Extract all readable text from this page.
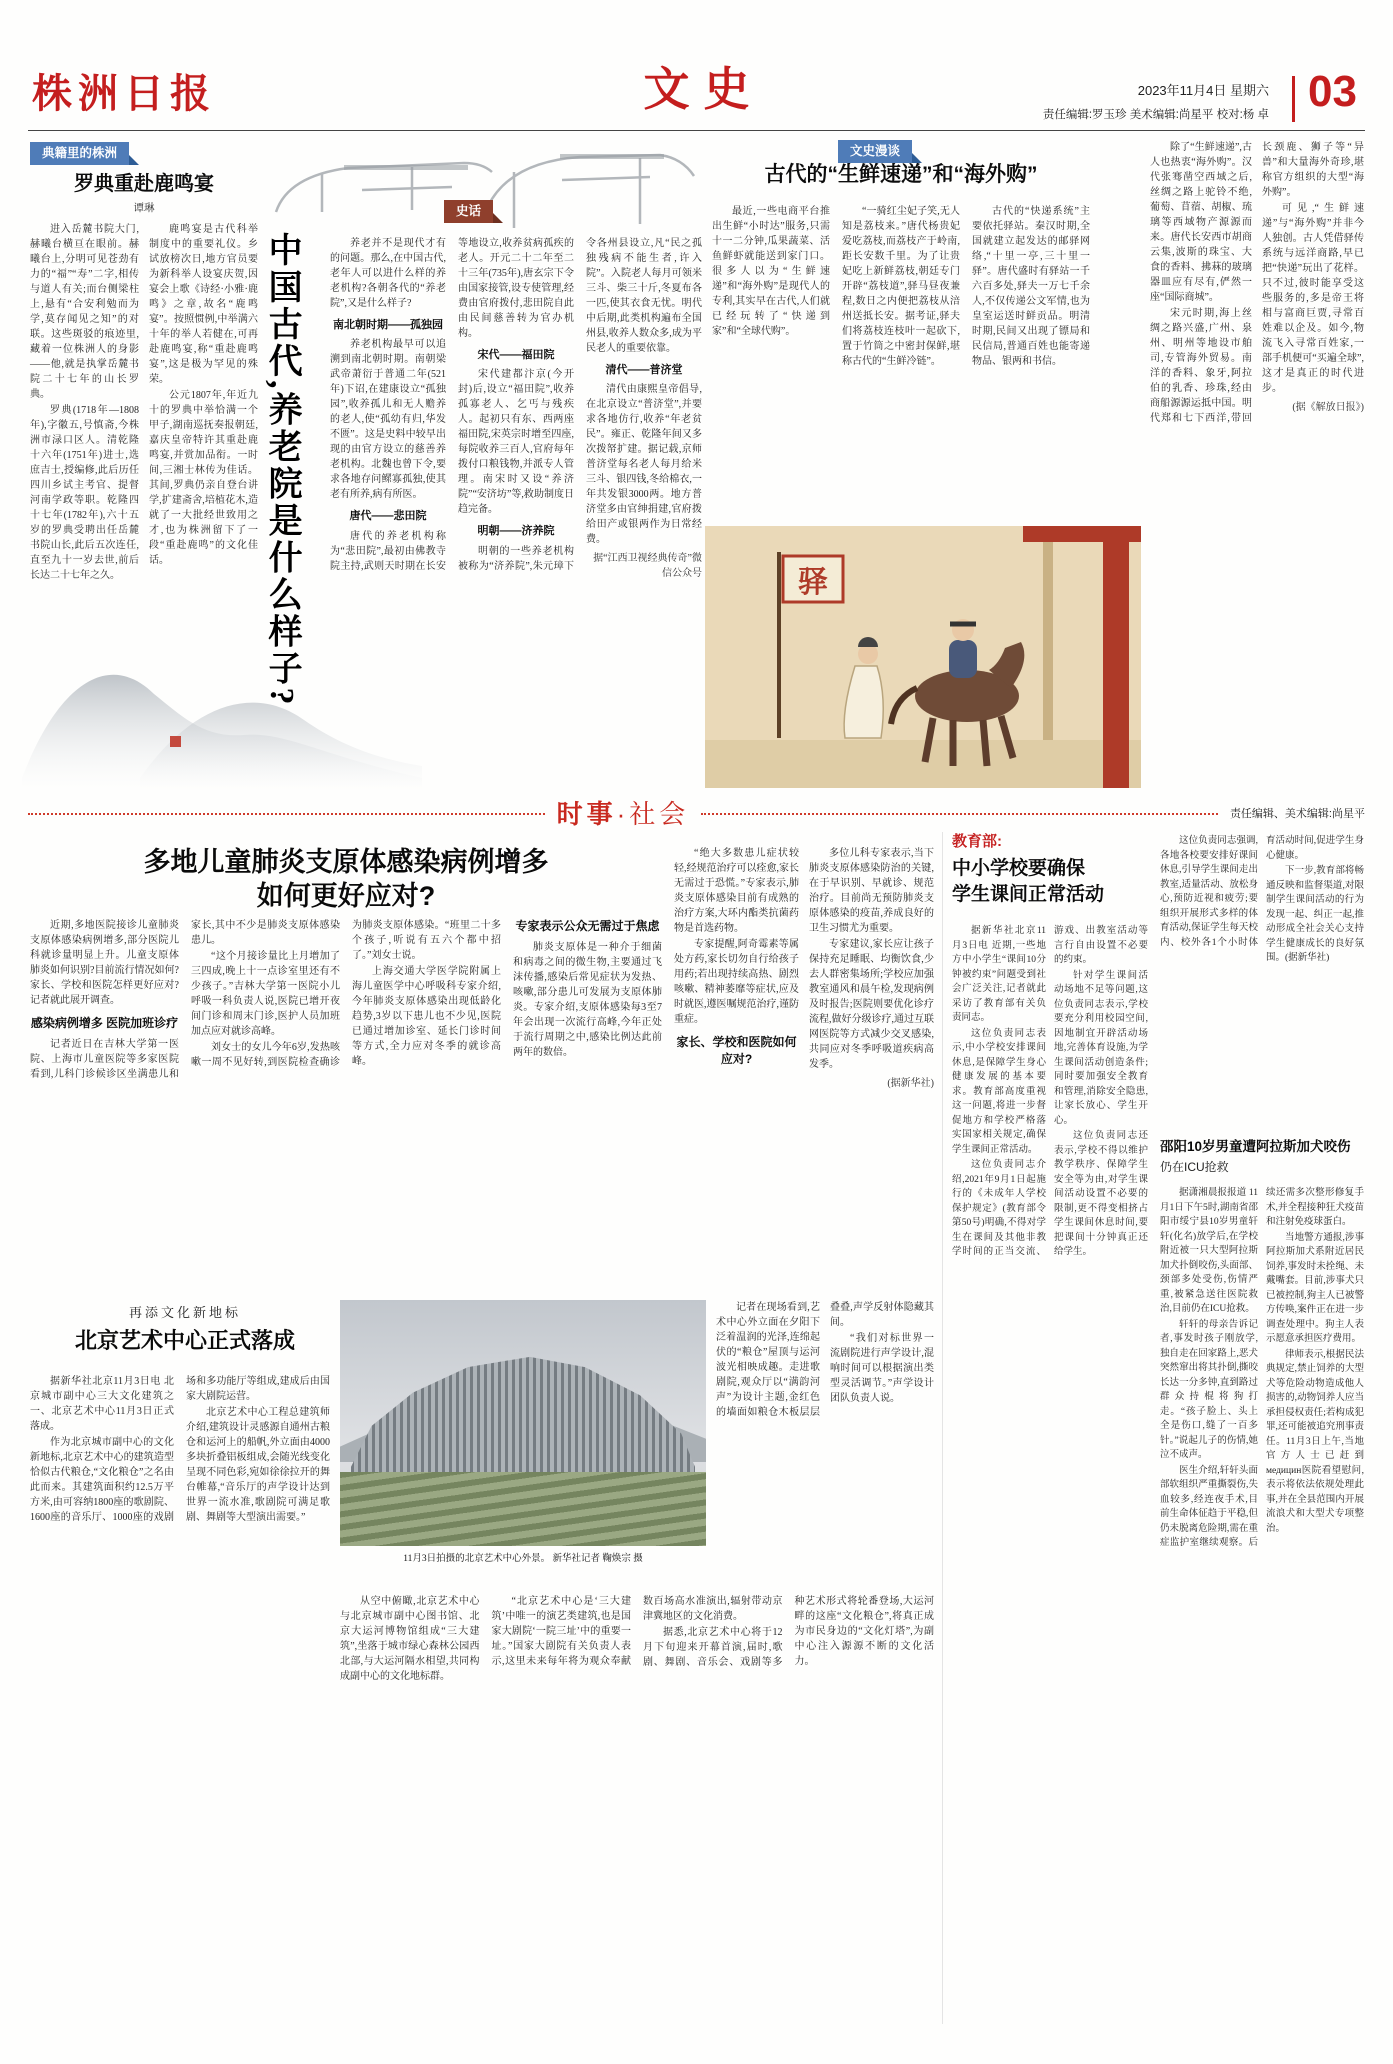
株洲日报	文史	2023年11月4日 星期六
责任编辑:罗玉珍 美术编辑:尚星平 校对:杨 卓 03
典籍里的株洲
罗典重赴鹿鸣宴
谭琳

进入岳麓书院大门,赫曦台横亘在眼前。赫曦台上,分明可见苍劲有力的“福”“寿”二字,相传与道人有关;而台侧梁柱上,悬有“合安利勉而为学,莫存闻见之知”的对联。这些斑驳的痕迹里,藏着一位株洲人的身影——他,就是执掌岳麓书院二十七年的山长罗典。

罗典(1718年—1808年),字徽五,号慎斋,今株洲市渌口区人。清乾隆十六年(1751年)进士,选庶吉士,授编修,此后历任四川乡试主考官、提督河南学政等职。乾隆四十七年(1782年),六十五岁的罗典受聘出任岳麓书院山长,此后五次连任,直至九十一岁去世,前后长达二十七年之久。

鹿鸣宴是古代科举制度中的重要礼仪。乡试放榜次日,地方官员要为新科举人设宴庆贺,因宴会上歌《诗经·小雅·鹿鸣》之章,故名“鹿鸣宴”。按照惯例,中举满六十年的举人若健在,可再赴鹿鸣宴,称“重赴鹿鸣宴”,这是极为罕见的殊荣。

公元1807年,年近九十的罗典中举恰满一个甲子,湖南巡抚奏报朝廷,嘉庆皇帝特许其重赴鹿鸣宴,并赏加品衔。一时间,三湘士林传为佳话。其间,罗典仍亲自登台讲学,扩建斋舍,培植花木,造就了一大批经世致用之才,也为株洲留下了一段“重赴鹿鸣”的文化佳话。

史话
中国古代,养老院是什么样子?	养老并不是现代才有的问题。那么,在中国古代,老年人可以进什么样的养老机构?各朝各代的“养老院”,又是什么样子?

南北朝时期——孤独园

养老机构最早可以追溯到南北朝时期。南朝梁武帝萧衍于普通二年(521年)下诏,在建康设立“孤独园”,收养孤儿和无人赡养的老人,使“孤幼有归,华发不匮”。这是史料中较早出现的由官方设立的慈善养老机构。北魏也曾下令,要求各地存问鳏寡孤独,使其老有所养,病有所医。

唐代——悲田院

唐代的养老机构称为“悲田院”,最初由佛教寺院主持,武则天时期在长安等地设立,收养贫病孤疾的老人。开元二十二年至二十三年(735年),唐玄宗下令由国家接管,设专使管理,经费由官府拨付,悲田院自此由民间慈善转为官办机构。

宋代——福田院

宋代建都汴京(今开封)后,设立“福田院”,收养孤寡老人、乞丐与残疾人。起初只有东、西两座福田院,宋英宗时增至四座,每院收养三百人,官府每年拨付口粮钱物,并派专人管理。南宋时又设“养济院”“安济坊”等,救助制度日趋完备。

明朝——济养院

明朝的一些养老机构被称为“济养院”,朱元璋下令各州县设立,凡“民之孤独残病不能生者,许入院”。入院老人每月可领米三斗、柴三十斤,冬夏布各一匹,使其衣食无忧。明代中后期,此类机构遍布全国州县,收养人数众多,成为平民老人的重要依靠。

清代——普济堂

清代由康熙皇帝倡导,在北京设立“普济堂”,并要求各地仿行,收养“年老贫民”。雍正、乾隆年间又多次拨帑扩建。据记载,京师普济堂每名老人每月给米三斗、银四钱,冬给棉衣,一年共发银3000两。地方普济堂多由官绅捐建,官府拨给田产或银两作为日常经费。

据“江西卫视经典传奇”微信公众号

文史漫谈
古代的“生鲜速递”和“海外购”

最近,一些电商平台推出生鲜“小时达”服务,只需十一二分钟,瓜果蔬菜、活鱼鲜虾就能送到家门口。很多人以为“生鲜速递”和“海外购”是现代人的专利,其实早在古代,人们就已经玩转了“快递到家”和“全球代购”。

“一骑红尘妃子笑,无人知是荔枝来。”唐代杨贵妃爱吃荔枝,而荔枝产于岭南,距长安数千里。为了让贵妃吃上新鲜荔枝,朝廷专门开辟“荔枝道”,驿马昼夜兼程,数日之内便把荔枝从涪州送抵长安。据考证,驿夫们将荔枝连枝叶一起砍下,置于竹筒之中密封保鲜,堪称古代的“生鲜冷链”。

古代的“快递系统”主要依托驿站。秦汉时期,全国就建立起发达的邮驿网络,“十里一亭,三十里一驿”。唐代盛时有驿站一千六百多处,驿夫一万七千余人,不仅传递公文军情,也为皇室运送时鲜贡品。明清时期,民间又出现了镖局和民信局,普通百姓也能寄递物品、银两和书信。

除了“生鲜速递”,古人也热衷“海外购”。汉代张骞凿空西域之后,丝绸之路上驼铃不绝,葡萄、苜蓿、胡椒、琉璃等西域物产源源而来。唐代长安西市胡商云集,波斯的珠宝、大食的香料、拂菻的玻璃器皿应有尽有,俨然一座“国际商城”。

宋元时期,海上丝绸之路兴盛,广州、泉州、明州等地设市舶司,专管海外贸易。南洋的香料、象牙,阿拉伯的乳香、珍珠,经由商船源源运抵中国。明代郑和七下西洋,带回长颈鹿、狮子等“异兽”和大量海外奇珍,堪称官方组织的大型“海外购”。

可见,“生鲜速递”与“海外购”并非今人独创。古人凭借驿传系统与远洋商路,早已把“快递”玩出了花样。只不过,彼时能享受这些服务的,多是帝王将相与富商巨贾,寻常百姓难以企及。如今,物流飞入寻常百姓家,一部手机便可“买遍全球”,这才是真正的时代进步。

(据《解放日报》)

驿
时事·社会	责任编辑、美术编辑:尚星平
多地儿童肺炎支原体感染病例增多
如何更好应对?

近期,多地医院接诊儿童肺炎支原体感染病例增多,部分医院儿科就诊量明显上升。儿童支原体肺炎如何识别?目前流行情况如何?家长、学校和医院怎样更好应对?记者就此展开调查。

感染病例增多 医院加班诊疗

记者近日在吉林大学第一医院、上海市儿童医院等多家医院看到,儿科门诊候诊区坐满患儿和家长,其中不少是肺炎支原体感染患儿。

“这个月接诊量比上月增加了三四成,晚上十一点诊室里还有不少孩子。”吉林大学第一医院小儿呼吸一科负责人说,医院已增开夜间门诊和周末门诊,医护人员加班加点应对就诊高峰。

刘女士的女儿今年6岁,发热咳嗽一周不见好转,到医院检查确诊为肺炎支原体感染。“班里二十多个孩子,听说有五六个都中招了。”刘女士说。

上海交通大学医学院附属上海儿童医学中心呼吸科专家介绍,今年肺炎支原体感染出现低龄化趋势,3岁以下患儿也不少见,医院已通过增加诊室、延长门诊时间等方式,全力应对冬季的就诊高峰。

专家表示公众无需过于焦虑

肺炎支原体是一种介于细菌和病毒之间的微生物,主要通过飞沫传播,感染后常见症状为发热、咳嗽,部分患儿可发展为支原体肺炎。专家介绍,支原体感染每3至7年会出现一次流行高峰,今年正处于流行周期之中,感染比例达此前两年的数倍。

“绝大多数患儿症状较轻,经规范治疗可以痊愈,家长无需过于恐慌。”专家表示,肺炎支原体感染目前有成熟的治疗方案,大环内酯类抗菌药物是首选药物。

专家提醒,阿奇霉素等属处方药,家长切勿自行给孩子用药;若出现持续高热、剧烈咳嗽、精神萎靡等症状,应及时就医,遵医嘱规范治疗,谨防重症。

家长、学校和医院如何应对?

多位儿科专家表示,当下肺炎支原体感染防治的关键,在于早识别、早就诊、规范治疗。目前尚无预防肺炎支原体感染的疫苗,养成良好的卫生习惯尤为重要。

专家建议,家长应让孩子保持充足睡眠、均衡饮食,少去人群密集场所;学校应加强教室通风和晨午检,发现病例及时报告;医院则要优化诊疗流程,做好分级诊疗,通过互联网医院等方式减少交叉感染,共同应对冬季呼吸道疾病高发季。

(据新华社)

教育部:
中小学校要确保
学生课间正常活动

据新华社北京11月3日电 近期,一些地方中小学生“课间10分钟被约束”问题受到社会广泛关注,记者就此采访了教育部有关负责同志。

这位负责同志表示,中小学校安排课间休息,是保障学生身心健康发展的基本要求。教育部高度重视这一问题,将进一步督促地方和学校严格落实国家相关规定,确保学生课间正常活动。

这位负责同志介绍,2021年9月1日起施行的《未成年人学校保护规定》(教育部令第50号)明确,不得对学生在课间及其他非教学时间的正当交流、游戏、出教室活动等言行自由设置不必要的约束。

针对学生课间活动场地不足等问题,这位负责同志表示,学校要充分利用校园空间,因地制宜开辟活动场地,完善体育设施,为学生课间活动创造条件;同时要加强安全教育和管理,消除安全隐患,让家长放心、学生开心。

这位负责同志还表示,学校不得以维护教学秩序、保障学生安全等为由,对学生课间活动设置不必要的限制,更不得变相挤占学生课间休息时间,要把课间十分钟真正还给学生。

这位负责同志强调,各地各校要安排好课间休息,引导学生课间走出教室,适量活动、放松身心,预防近视和疲劳;要组织开展形式多样的体育活动,保证学生每天校内、校外各1个小时体育活动时间,促进学生身心健康。

下一步,教育部将畅通反映和监督渠道,对限制学生课间活动的行为发现一起、纠正一起,推动形成全社会关心支持学生健康成长的良好氛围。(据新华社)

邵阳10岁男童遭阿拉斯加犬咬伤
仍在ICU抢救

据潇湘晨报报道 11月1日下午5时,湖南省邵阳市绥宁县10岁男童轩轩(化名)放学后,在学校附近被一只大型阿拉斯加犬扑倒咬伤,头面部、颈部多处受伤,伤情严重,被紧急送往医院救治,目前仍在ICU抢救。

轩轩的母亲告诉记者,事发时孩子刚放学,独自走在回家路上,恶犬突然窜出将其扑倒,撕咬长达一分多钟,直到路过群众持棍将狗打走。“孩子脸上、头上全是伤口,缝了一百多针。”说起儿子的伤情,她泣不成声。

医生介绍,轩轩头面部软组织严重撕裂伤,失血较多,经连夜手术,目前生命体征趋于平稳,但仍未脱离危险期,需在重症监护室继续观察。后续还需多次整形修复手术,并全程接种狂犬疫苗和注射免疫球蛋白。

当地警方通报,涉事阿拉斯加犬系附近居民饲养,事发时未拴绳、未戴嘴套。目前,涉事犬只已被控制,狗主人已被警方传唤,案件正在进一步调查处理中。狗主人表示愿意承担医疗费用。

律师表示,根据民法典规定,禁止饲养的大型犬等危险动物造成他人损害的,动物饲养人应当承担侵权责任;若构成犯罪,还可能被追究刑事责任。11月3日上午,当地官方人士已赶到медицин医院看望慰问,表示将依法依规处理此事,并在全县范围内开展流浪犬和大型犬专项整治。

再添文化新地标
北京艺术中心正式落成

据新华社北京11月3日电 北京城市副中心三大文化建筑之一、北京艺术中心11月3日正式落成。

作为北京城市副中心的文化新地标,北京艺术中心的建筑造型恰似古代粮仓,“文化粮仓”之名由此而来。其建筑面积约12.5万平方米,由可容纳1800座的歌剧院、1600座的音乐厅、1000座的戏剧场和多功能厅等组成,建成后由国家大剧院运营。

北京艺术中心工程总建筑师介绍,建筑设计灵感源自通州古粮仓和运河上的船帆,外立面由4000多块折叠铝板组成,会随光线变化呈现不同色彩,宛如徐徐拉开的舞台帷幕,“音乐厅的声学设计达到世界一流水准,歌剧院可满足歌剧、舞剧等大型演出需要。”

11月3日拍摄的北京艺术中心外景。 新华社记者 鞠焕宗 摄

记者在现场看到,艺术中心外立面在夕阳下泛着温润的光泽,连绵起伏的“粮仓”屋顶与运河波光相映成趣。走进歌剧院,观众厅以“满韵河声”为设计主题,金红色的墙面如粮仓木板层层叠叠,声学反射体隐藏其间。

“我们对标世界一流剧院进行声学设计,混响时间可以根据演出类型灵活调节。”声学设计团队负责人说。

从空中俯瞰,北京艺术中心与北京城市副中心图书馆、北京大运河博物馆组成“三大建筑”,坐落于城市绿心森林公园西北部,与大运河隔水相望,共同构成副中心的文化地标群。

“北京艺术中心是‘三大建筑’中唯一的演艺类建筑,也是国家大剧院‘一院三址’中的重要一址。”国家大剧院有关负责人表示,这里未来每年将为观众奉献数百场高水准演出,辐射带动京津冀地区的文化消费。

据悉,北京艺术中心将于12月下旬迎来开幕首演,届时,歌剧、舞剧、音乐会、戏剧等多种艺术形式将轮番登场,大运河畔的这座“文化粮仓”,将真正成为市民身边的“文化灯塔”,为副中心注入源源不断的文化活力。
